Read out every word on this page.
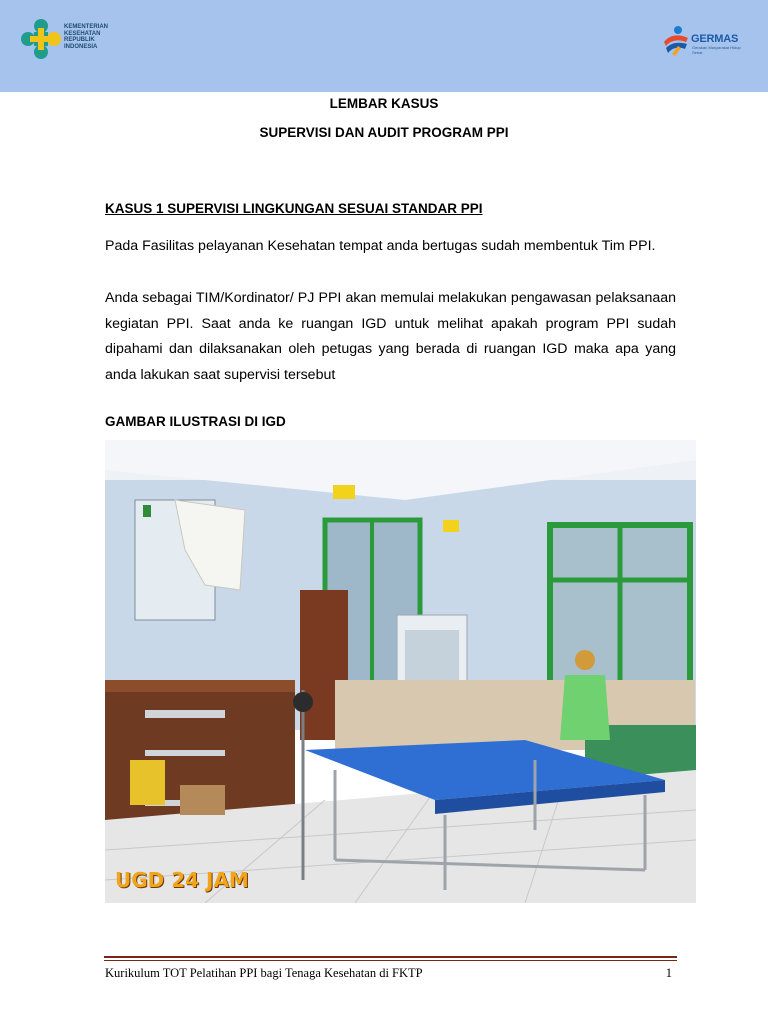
KEMENTERIAN
KESEHATAN
REPUBLIK
INDONESIA
GERMAS
Gerakan Masyarakat Hidup Sehat
LEMBAR KASUS
SUPERVISI DAN AUDIT PROGRAM PPI
KASUS 1 SUPERVISI LINGKUNGAN SESUAI STANDAR PPI
Pada Fasilitas pelayanan Kesehatan tempat anda bertugas sudah membentuk Tim PPI.
Anda sebagai TIM/Kordinator/ PJ PPI akan memulai melakukan pengawasan pelaksanaan kegiatan PPI. Saat anda ke ruangan IGD untuk melihat apakah program PPI sudah dipahami dan dilaksanakan oleh petugas yang berada di ruangan IGD maka apa yang anda lakukan saat supervisi tersebut
GAMBAR ILUSTRASI DI IGD
UGD 24 JAM
Kurikulum TOT Pelatihan PPI bagi Tenaga Kesehatan di FKTP	1
